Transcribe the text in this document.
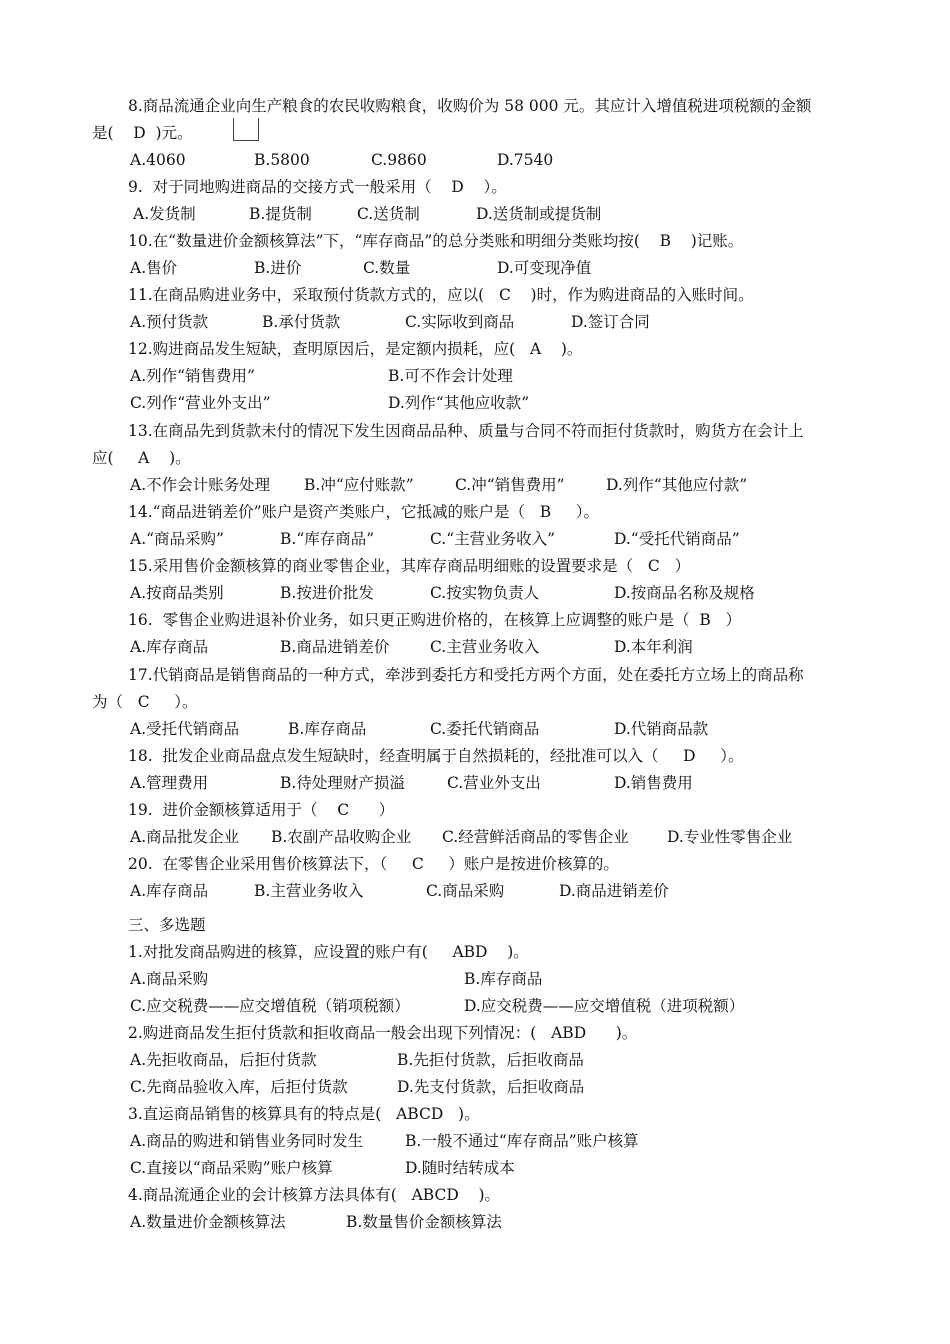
8.商品流通企业向生产粮食的农民收购粮食，收购价为 58 000 元。其应计入增值税进项税额的金额
是(    D  )元。
A.4060	B.5800	C.9860	D.7540
9.  对于同地购进商品的交接方式一般采用（    D    ）。
A.发货制	B.提货制	C.送货制	D.送货制或提货制
10.在“数量进价金额核算法”下，“库存商品”的总分类账和明细分类账均按(    B    )记账。
A.售价	B.进价	C.数量	D.可变现净值
11.在商品购进业务中，采取预付货款方式的，应以(   C    )时，作为购进商品的入账时间。
A.预付货款	B.承付货款	C.实际收到商品	D.签订合同
12.购进商品发生短缺，查明原因后，是定额内损耗，应(   A    )。
A.列作“销售费用”	B.可不作会计处理
C.列作“营业外支出”	D.列作“其他应收款”
13.在商品先到货款未付的情况下发生因商品品种、质量与合同不符而拒付货款时，购货方在会计上
应(     A    )。
A.不作会计账务处理 B.冲“应付账款”	C.冲“销售费用”	D.列作“其他应付款”
14.“商品进销差价”账户是资产类账户，它抵减的账户是（   B     ）。
A.“商品采购”	B.“库存商品”	C.“主营业务收入”	D.“受托代销商品”
15.采用售价金额核算的商业零售企业，其库存商品明细账的设置要求是（   C   ）
A.按商品类别	B.按进价批发	C.按实物负责人	D.按商品名称及规格
16.  零售企业购进退补价业务，如只更正购进价格的，在核算上应调整的账户是（  B   ）
A.库存商品	B.商品进销差价	C.主营业务收入	D.本年利润
17.代销商品是销售商品的一种方式，牵涉到委托方和受托方两个方面，处在委托方立场上的商品称
为（   C     ）。
A.受托代销商品	B.库存商品	C.委托代销商品	D.代销商品款
18.  批发企业商品盘点发生短缺时，经查明属于自然损耗的，经批准可以入（     D     ）。
A.管理费用	B.待处理财产损溢	C.营业外支出	D.销售费用
19.  进价金额核算适用于（    C      ）
A.商品批发企业 B.农副产品收购企业 C.经营鲜活商品的零售企业 D.专业性零售企业
20.  在零售企业采用售价核算法下，（     C     ）账户是按进价核算的。
A.库存商品	B.主营业务收入	C.商品采购	D.商品进销差价
三、多选题
1.对批发商品购进的核算，应设置的账户有(     ABD    )。
A.商品采购	B.库存商品
C.应交税费——应交增值税（销项税额）	D.应交税费——应交增值税（进项税额）
2.购进商品发生拒付货款和拒收商品一般会出现下列情况：(   ABD      )。
A.先拒收商品，后拒付货款	B.先拒付货款，后拒收商品
C.先商品验收入库，后拒付货款	D.先支付货款，后拒收商品
3.直运商品销售的核算具有的特点是(   ABCD   )。
A.商品的购进和销售业务同时发生	B.一般不通过“库存商品”账户核算
C.直接以“商品采购”账户核算	D.随时结转成本
4.商品流通企业的会计核算方法具体有(   ABCD    )。
A.数量进价金额核算法	B.数量售价金额核算法
